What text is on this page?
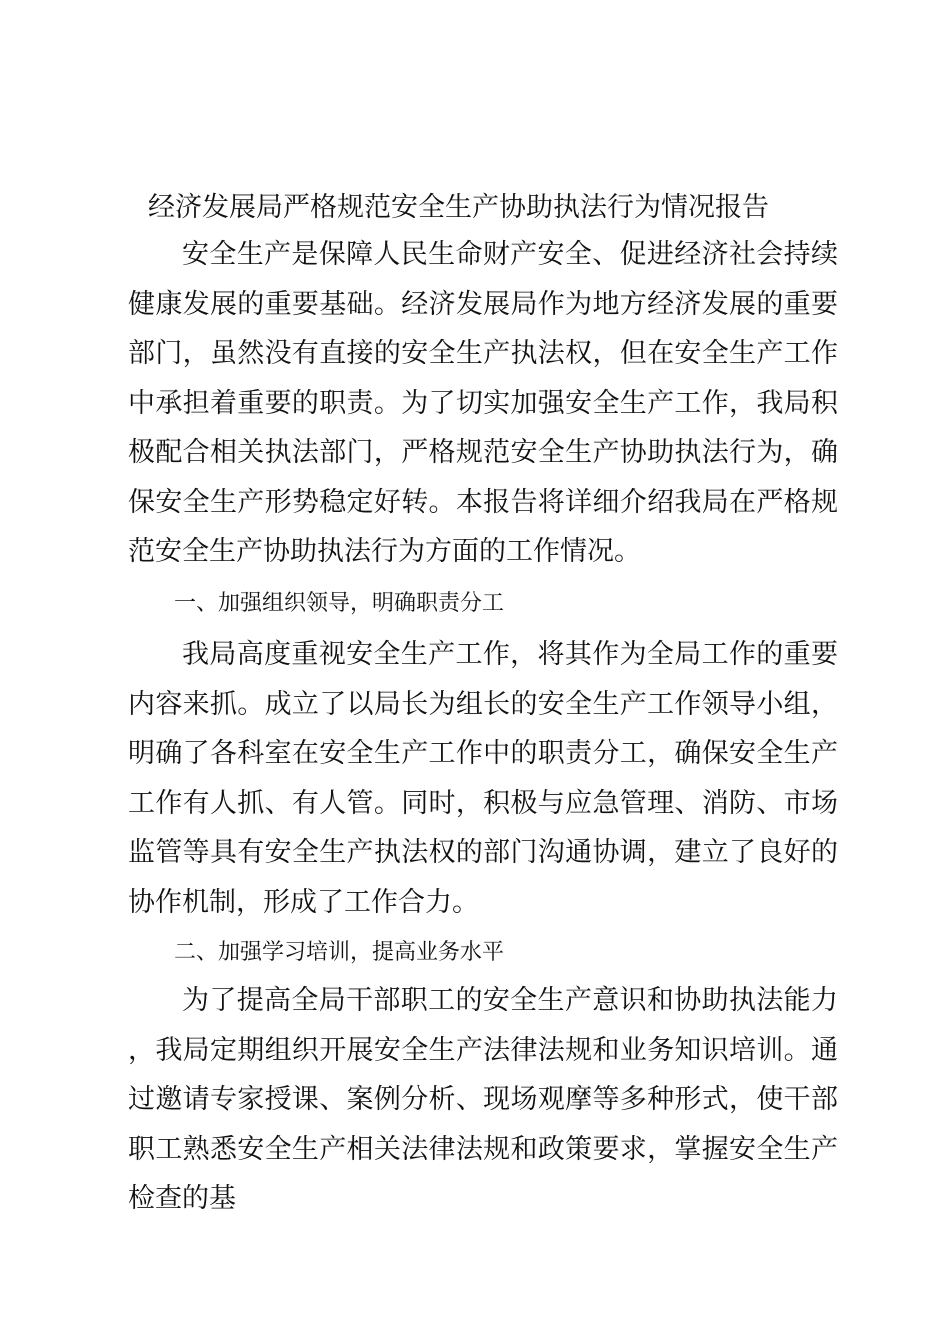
经济发展局严格规范安全生产协助执法行为情况报告
安全生产是保障人民生命财产安全、促进经济社会持续健康发展的重要基础。经济发展局作为地方经济发展的重要部门，虽然没有直接的安全生产执法权，但在安全生产工作中承担着重要的职责。为了切实加强安全生产工作，我局积极配合相关执法部门，严格规范安全生产协助执法行为，确保安全生产形势稳定好转。本报告将详细介绍我局在严格规范安全生产协助执法行为方面的工作情况。
一、加强组织领导，明确职责分工
我局高度重视安全生产工作，将其作为全局工作的重要内容来抓。成立了以局长为组长的安全生产工作领导小组，明确了各科室在安全生产工作中的职责分工，确保安全生产工作有人抓、有人管。同时，积极与应急管理、消防、市场监管等具有安全生产执法权的部门沟通协调，建立了良好的协作机制，形成了工作合力。
二、加强学习培训，提高业务水平
为了提高全局干部职工的安全生产意识和协助执法能力，我局定期组织开展安全生产法律法规和业务知识培训。通过邀请专家授课、案例分析、现场观摩等多种形式，使干部职工熟悉安全生产相关法律法规和政策要求，掌握安全生产检查的基
